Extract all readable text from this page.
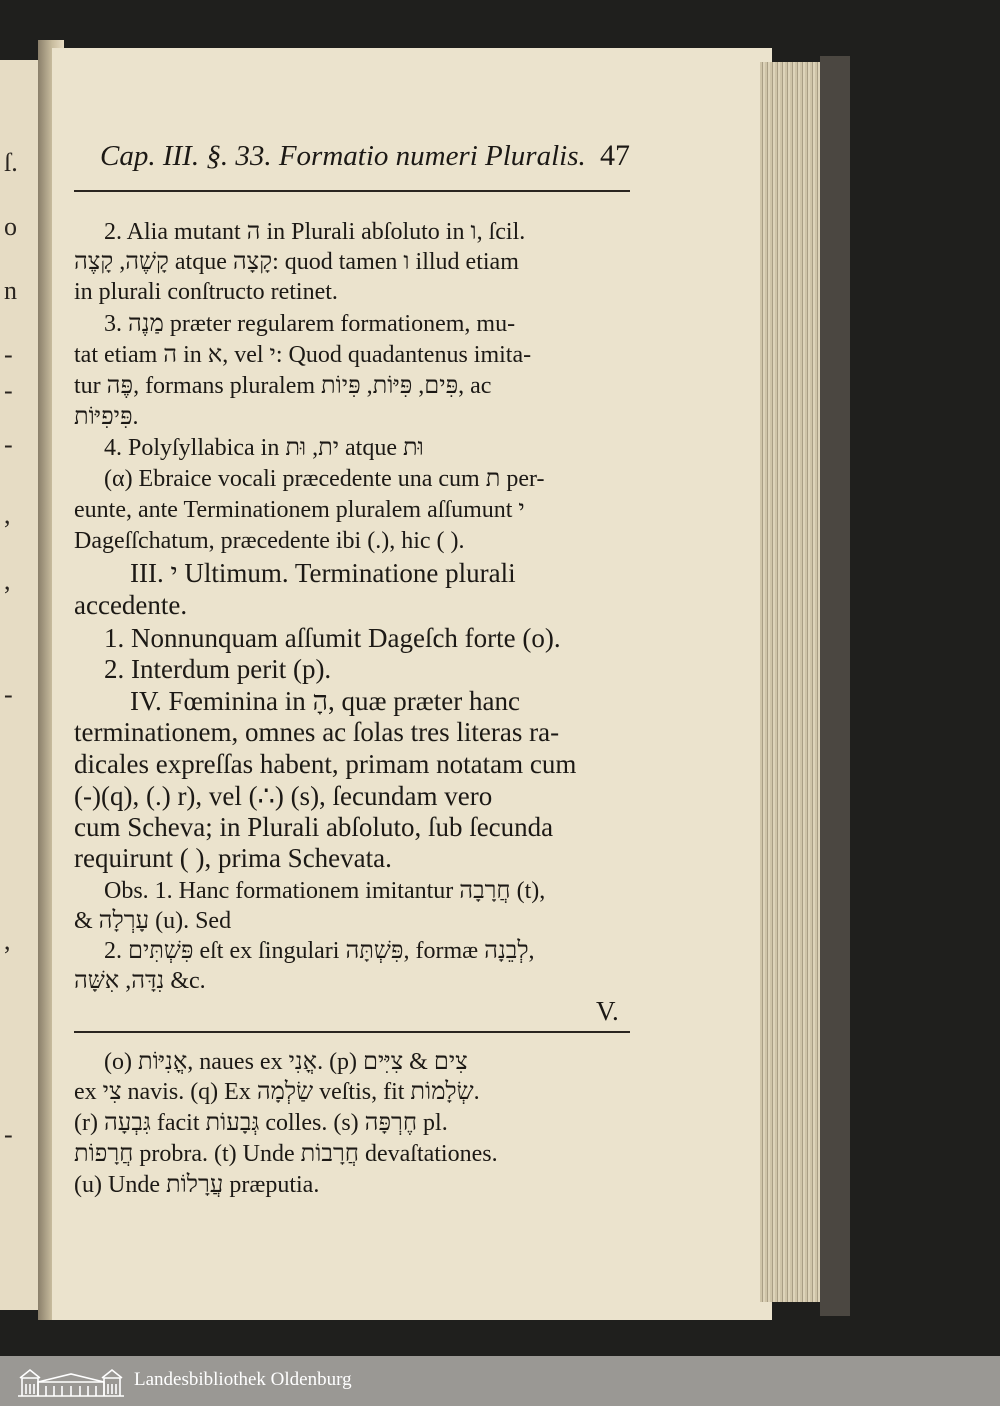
ſ.
o
n
-
-
-
,
,
-
,
-
Cap. III. §. 33. Formatio numeri Pluralis. 47
2. Alia mutant ה in Plurali abſoluto in ו, ſcil.
קָשֶׁה, קָצֶה atque קָצָה: quod tamen ו illud etiam
in plurali conſtructo retinet.
3. מַנֶה præter regularem formationem, mu-
tat etiam ה in א, vel י: Quod quadantenus imita-
tur פֶּה, formans pluralem פִּים, פִּיּוֹת, פִּיוֹת, ac
פִּיפִיּוֹת.
4. Polyſyllabica in ית, וּת atque וּת
(α) Ebraice vocali præcedente una cum ת per-
eunte, ante Terminationem pluralem aſſumunt י
Dageſſchatum, præcedente ibi (.), hic ( ).
III. י Ultimum. Terminatione plurali
accedente.
1. Nonnunquam aſſumit Dageſch forte (o).
2. Interdum perit (p).
IV. Fœminina in הָ, quæ præter hanc
terminationem, omnes ac ſolas tres literas ra-
dicales expreſſas habent, primam notatam cum
(-)(q), (.) r), vel (∴) (s), ſecundam vero
cum Scheva; in Plurali abſoluto, ſub ſecunda
requirunt ( ), prima Schevata.
Obs. 1. Hanc formationem imitantur חֲרָבָה (t),
& עָרְלָה (u). Sed
2. פִּשְׁתִּים eſt ex ſingulari פִּשְׁתָּה, formæ לְבֵנָה,
נִדָּה, אִשָּׁה &c.
V.
(o) אֳנִיּוֹת, naues ex אֳנִי. (p) צִים & צִיִּים
ex צִי navis. (q) Ex שַׂלְמָה veſtis, fit שְׂלָמוֹת.
(r) גִּבְעָה facit גְּבָעוֹת colles. (s) חֶרְפָּה pl.
חֲרָפוֹת probra. (t) Unde חֲרָבוֹת devaſtationes.
(u) Unde עֲרָלוֹת præputia.
Landesbibliothek Oldenburg
